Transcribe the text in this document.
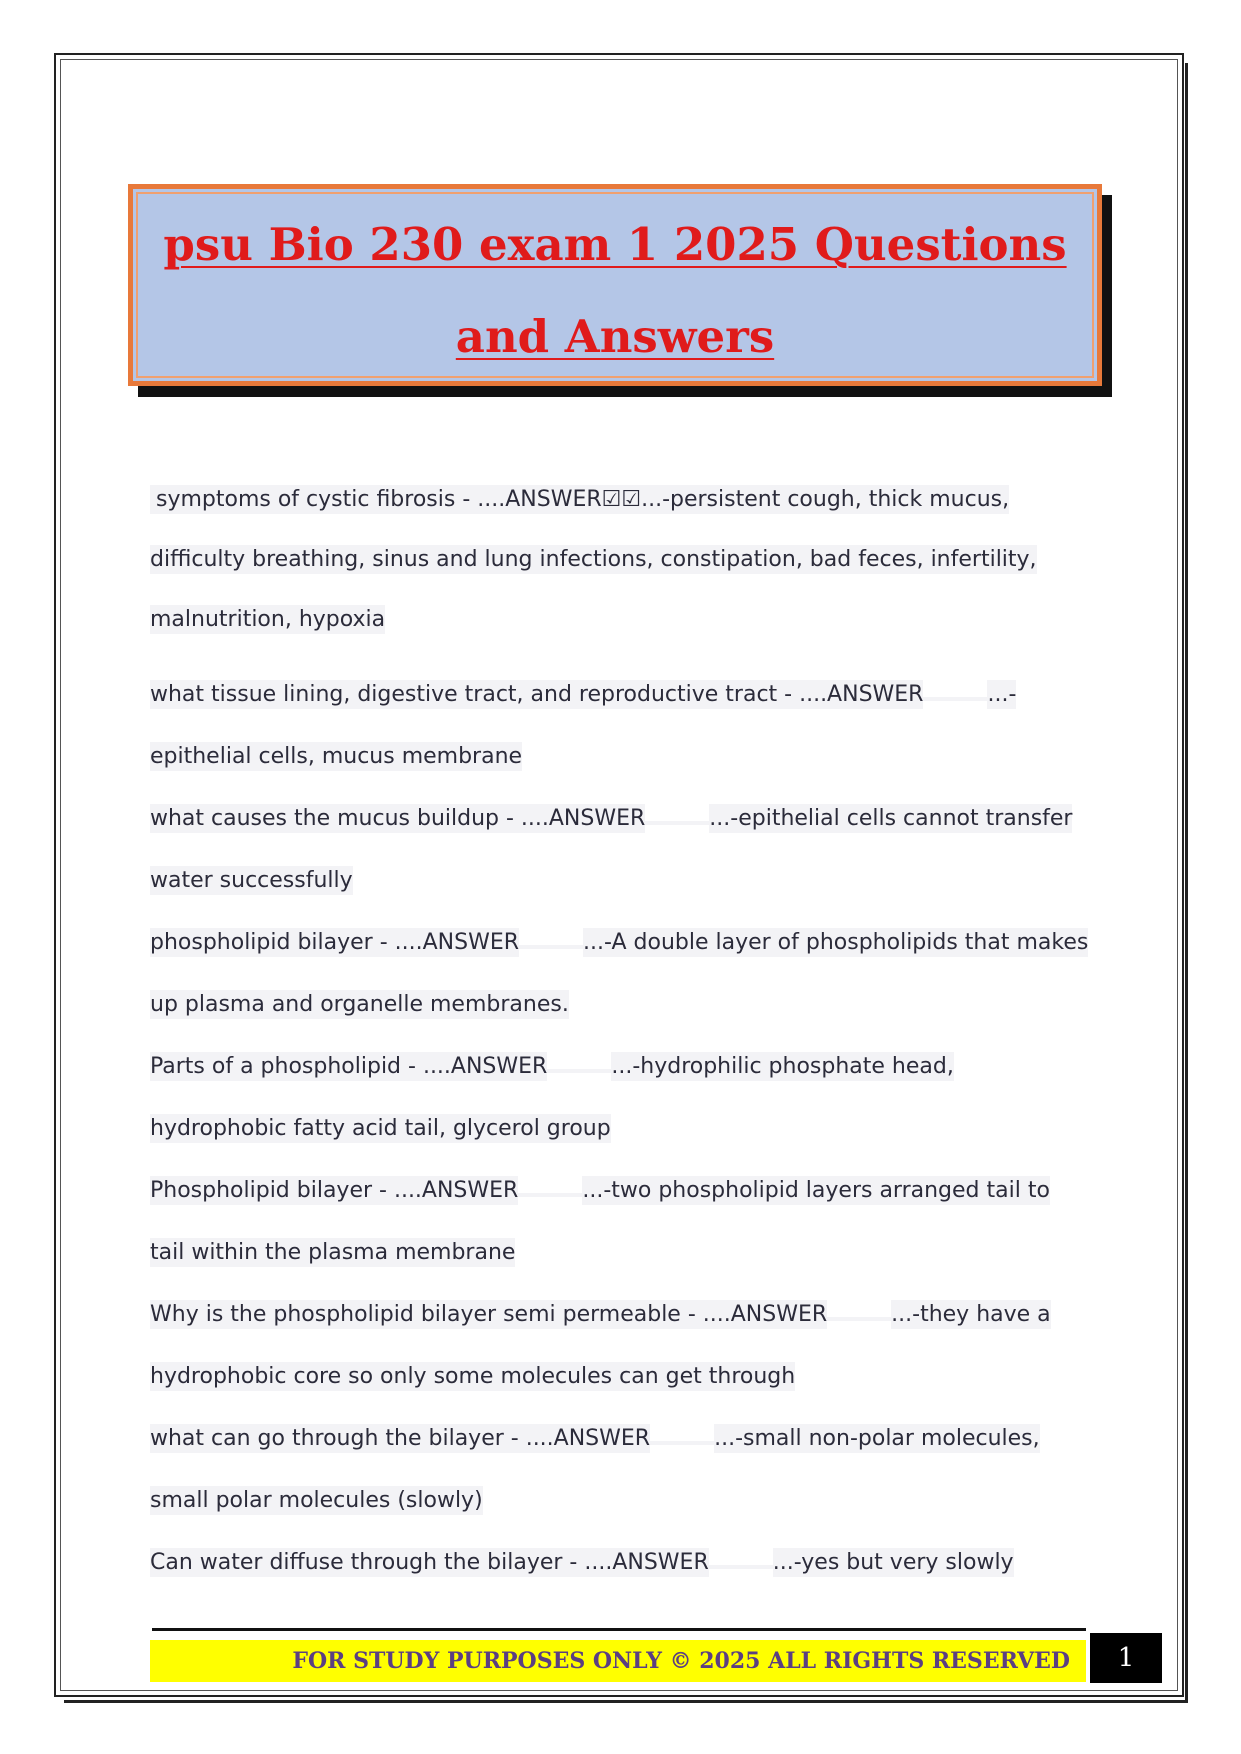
psu Bio 230 exam 1 2025 Questions and Answers

symptoms of cystic fibrosis - ....ANSWER☑☑...-persistent cough, thick mucus, difficulty breathing, sinus and lung infections, constipation, bad feces, infertility, malnutrition, hypoxia

what tissue lining, digestive tract, and reproductive tract - ....ANSWER	...-epithelial cells, mucus membrane

what causes the mucus buildup - ....ANSWER	...-epithelial cells cannot transfer water successfully

phospholipid bilayer - ....ANSWER	...-A double layer of phospholipids that makes up plasma and organelle membranes.

Parts of a phospholipid - ....ANSWER	...-hydrophilic phosphate head, hydrophobic fatty acid tail, glycerol group

Phospholipid bilayer - ....ANSWER	...-two phospholipid layers arranged tail to tail within the plasma membrane

Why is the phospholipid bilayer semi permeable - ....ANSWER	...-they have a hydrophobic core so only some molecules can get through

what can go through the bilayer - ....ANSWER	...-small non-polar molecules, small polar molecules (slowly)

Can water diffuse through the bilayer - ....ANSWER	...-yes but very slowly

FOR STUDY PURPOSES ONLY © 2025 ALL RIGHTS RESERVED	1
